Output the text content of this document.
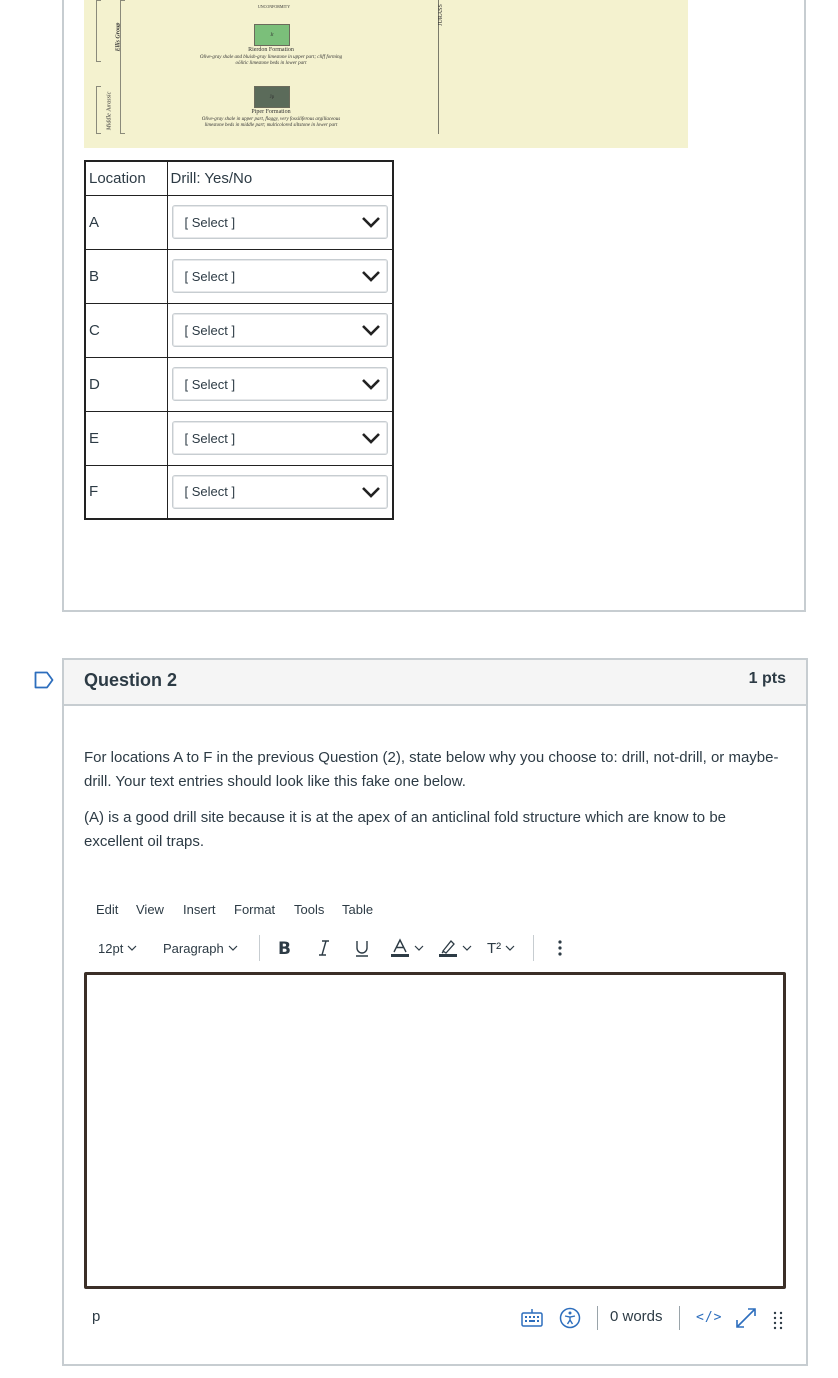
Middle Jurassic
Ellis Group
UNCONFORMITY
Jr
Rierdon Formation
Olive-gray shale and bluish-gray limestone in upper part; cliff forming oölitic limestone beds in lower part
Jp
Piper Formation
Olive-gray shale in upper part, flaggy, very fossiliferous argillaceous limestone beds in middle part; multicolored siltstone in lower part
JURASS
Location	Drill: Yes/No
A	[ Select ]

B	[ Select ]

C	[ Select ]

D	[ Select ]

E	[ Select ]

F	[ Select ]
Question 2	1 pts
For locations A to F in the previous Question (2), state below why you choose to: drill, not-drill, or maybe-drill. Your text entries should look like this fake one below.
(A) is a good drill site because it is at the apex of an anticlinal fold structure which are know to be excellent oil traps.
Edit View Insert Format Tools Table
12pt	Paragraph	B	T²
p	0 words	</>
